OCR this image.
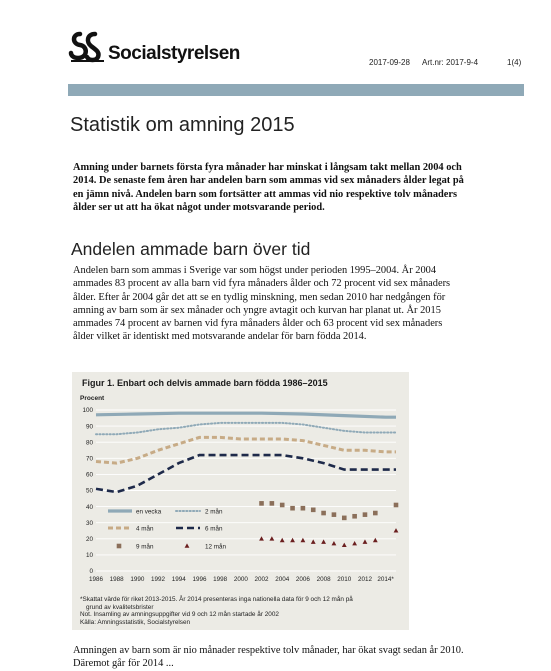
Socialstyrelsen	2017-09-28 Art.nr: 2017-9-4	1(4)
Statistik om amning 2015
Amning under barnets första fyra månader har minskat i långsam takt mellan 2004 och 2014. De senaste fem åren har andelen barn som ammas vid sex månaders ålder legat på en jämn nivå. Andelen barn som fortsätter att ammas vid nio respektive tolv månaders ålder ser ut att ha ökat något under motsvarande period.
Andelen ammade barn över tid
Andelen barn som ammas i Sverige var som högst under perioden 1995–2004. År 2004 ammades 83 procent av alla barn vid fyra månaders ålder och 72 procent vid sex månaders ålder. Efter år 2004 går det att se en tydlig minskning, men sedan 2010 har nedgången för amning av barn som är sex månader och yngre avtagit och kurvan har planat ut. År 2015 ammades 74 procent av barnen vid fyra månaders ålder och 63 procent vid sex månaders ålder vilket är identiskt med motsvarande andelar för barn födda 2014.
Figur 1. Enbart och delvis ammade barn födda 1986–2015
Procent
0
10
20
30
40
50
60
70
80
90
100
1986 1988 1990 1992 1994 1996 1998 2000 2002 2004 2006 2008 2010 2012 2014*
en vecka	2 mån
4 mån	6 mån
9 mån	12 mån
*Skattat värde för riket 2013-2015. År 2014 presenteras inga nationella data för 9 och 12 mån på
grund av kvalitetsbrister
Not. Insamling av amningsuppgifter vid 9 och 12 mån startade år 2002
Källa: Amningsstatistik, Socialstyrelsen
Amningen av barn som är nio månader respektive tolv månader, har ökat svagt sedan år 2010. Däremot går för 2014 ...
